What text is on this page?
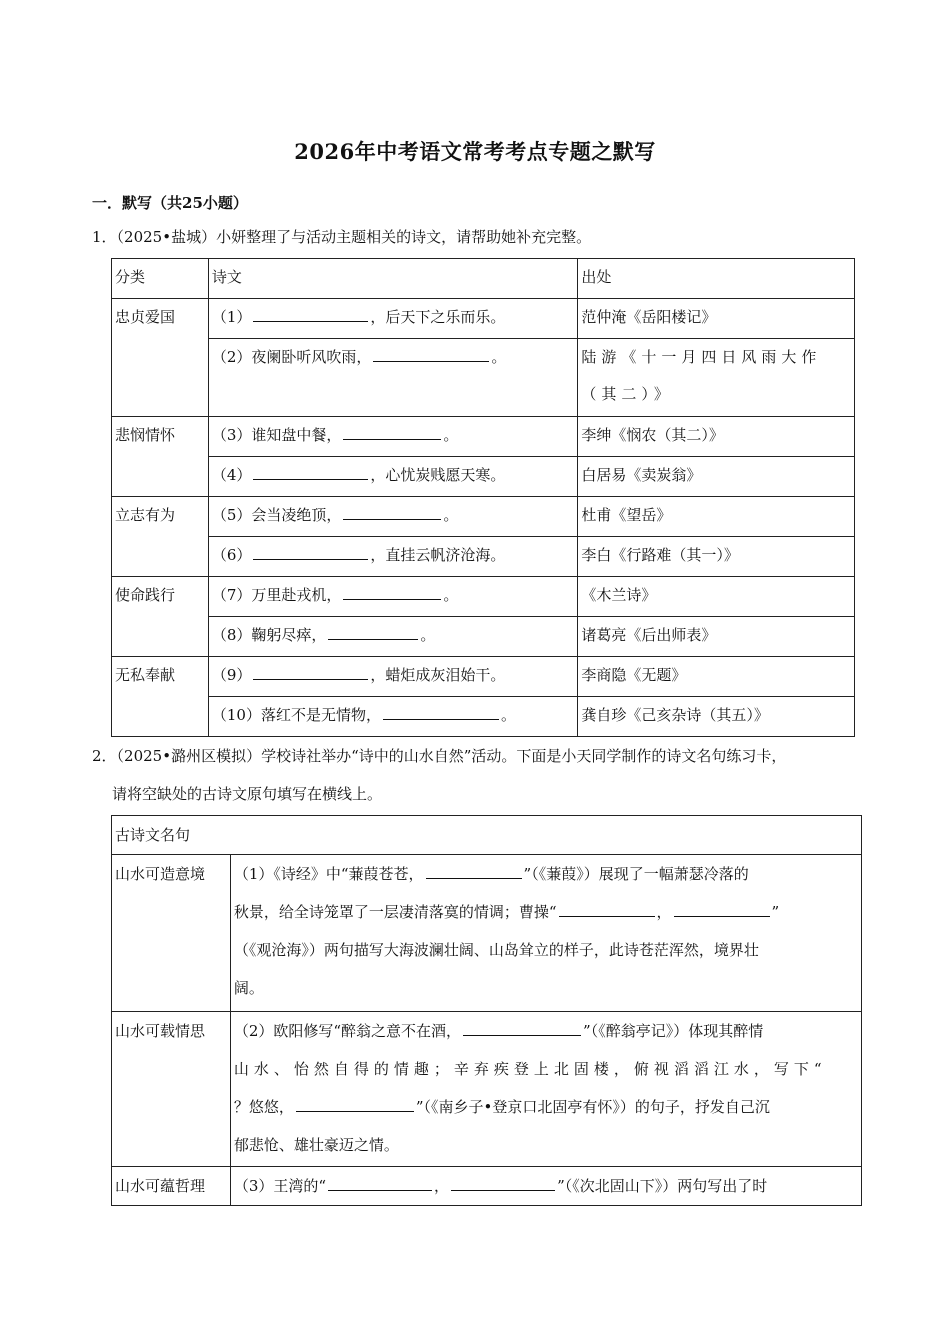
2026年中考语文常考考点专题之默写
一．默写（共25小题）
1．（2025•盐城）小妍整理了与活动主题相关的诗文，请帮助她补充完整。
分类	诗文	出处
忠贞爱国	（1） ，后天下之乐而乐。	范仲淹《岳阳楼记》
	（2）夜阑卧听风吹雨， 。	陆游《十一月四日风雨大作（其二）》
悲悯情怀	（3）谁知盘中餐， 。	李绅《悯农（其二）》
	（4） ，心忧炭贱愿天寒。	白居易《卖炭翁》
立志有为	（5）会当凌绝顶， 。	杜甫《望岳》
	（6） ，直挂云帆济沧海。	李白《行路难（其一）》
使命践行	（7）万里赴戎机， 。	《木兰诗》
	（8）鞠躬尽瘁， 。	诸葛亮《后出师表》
无私奉献	（9） ，蜡炬成灰泪始干。	李商隐《无题》
	（10）落红不是无情物， 。	龚自珍《己亥杂诗（其五）》
2．（2025•潞州区模拟）学校诗社举办“诗中的山水自然”活动。下面是小天同学制作的诗文名句练习卡，
请将空缺处的古诗文原句填写在横线上。
古诗文名句	
山水可造意境	（1）《诗经》中“蒹葭苍苍， ”（《蒹葭》）展现了一幅萧瑟冷落的
秋景，给全诗笼罩了一层凄清落寞的情调；曹操“ ， ”
（《观沧海》）两句描写大海波澜壮阔、山岛耸立的样子，此诗苍茫浑然，境界壮
阔。
山水可载情思	（2）欧阳修写“醉翁之意不在酒， ”（《醉翁亭记》）体现其醉情
山水、怡然自得的情趣；辛弃疾登上北固楼，俯视滔滔江水，写下“
？悠悠， ”（《南乡子•登京口北固亭有怀》）的句子，抒发自己沉
郁悲怆、雄壮豪迈之情。
山水可蕴哲理	（3）王湾的“ ， ”（《次北固山下》）两句写出了时
